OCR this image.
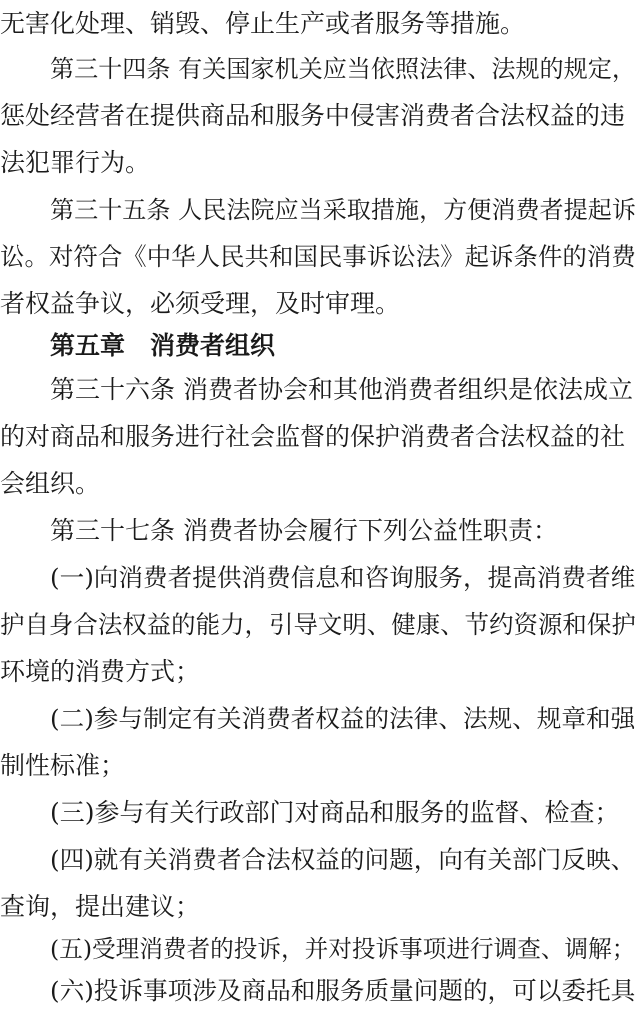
无害化处理、销毁、停止生产或者服务等措施。
第三十四条 有关国家机关应当依照法律、法规的规定，
惩处经营者在提供商品和服务中侵害消费者合法权益的违
法犯罪行为。
第三十五条 人民法院应当采取措施，方便消费者提起诉
讼。对符合《中华人民共和国民事诉讼法》起诉条件的消费
者权益争议，必须受理，及时审理。
第五章　消费者组织
第三十六条 消费者协会和其他消费者组织是依法成立
的对商品和服务进行社会监督的保护消费者合法权益的社
会组织。
第三十七条 消费者协会履行下列公益性职责：
(一)向消费者提供消费信息和咨询服务，提高消费者维
护自身合法权益的能力，引导文明、健康、节约资源和保护
环境的消费方式；
(二)参与制定有关消费者权益的法律、法规、规章和强
制性标准；
(三)参与有关行政部门对商品和服务的监督、检查；
(四)就有关消费者合法权益的问题，向有关部门反映、
查询，提出建议；
(五)受理消费者的投诉，并对投诉事项进行调查、调解；
(六)投诉事项涉及商品和服务质量问题的，可以委托具
